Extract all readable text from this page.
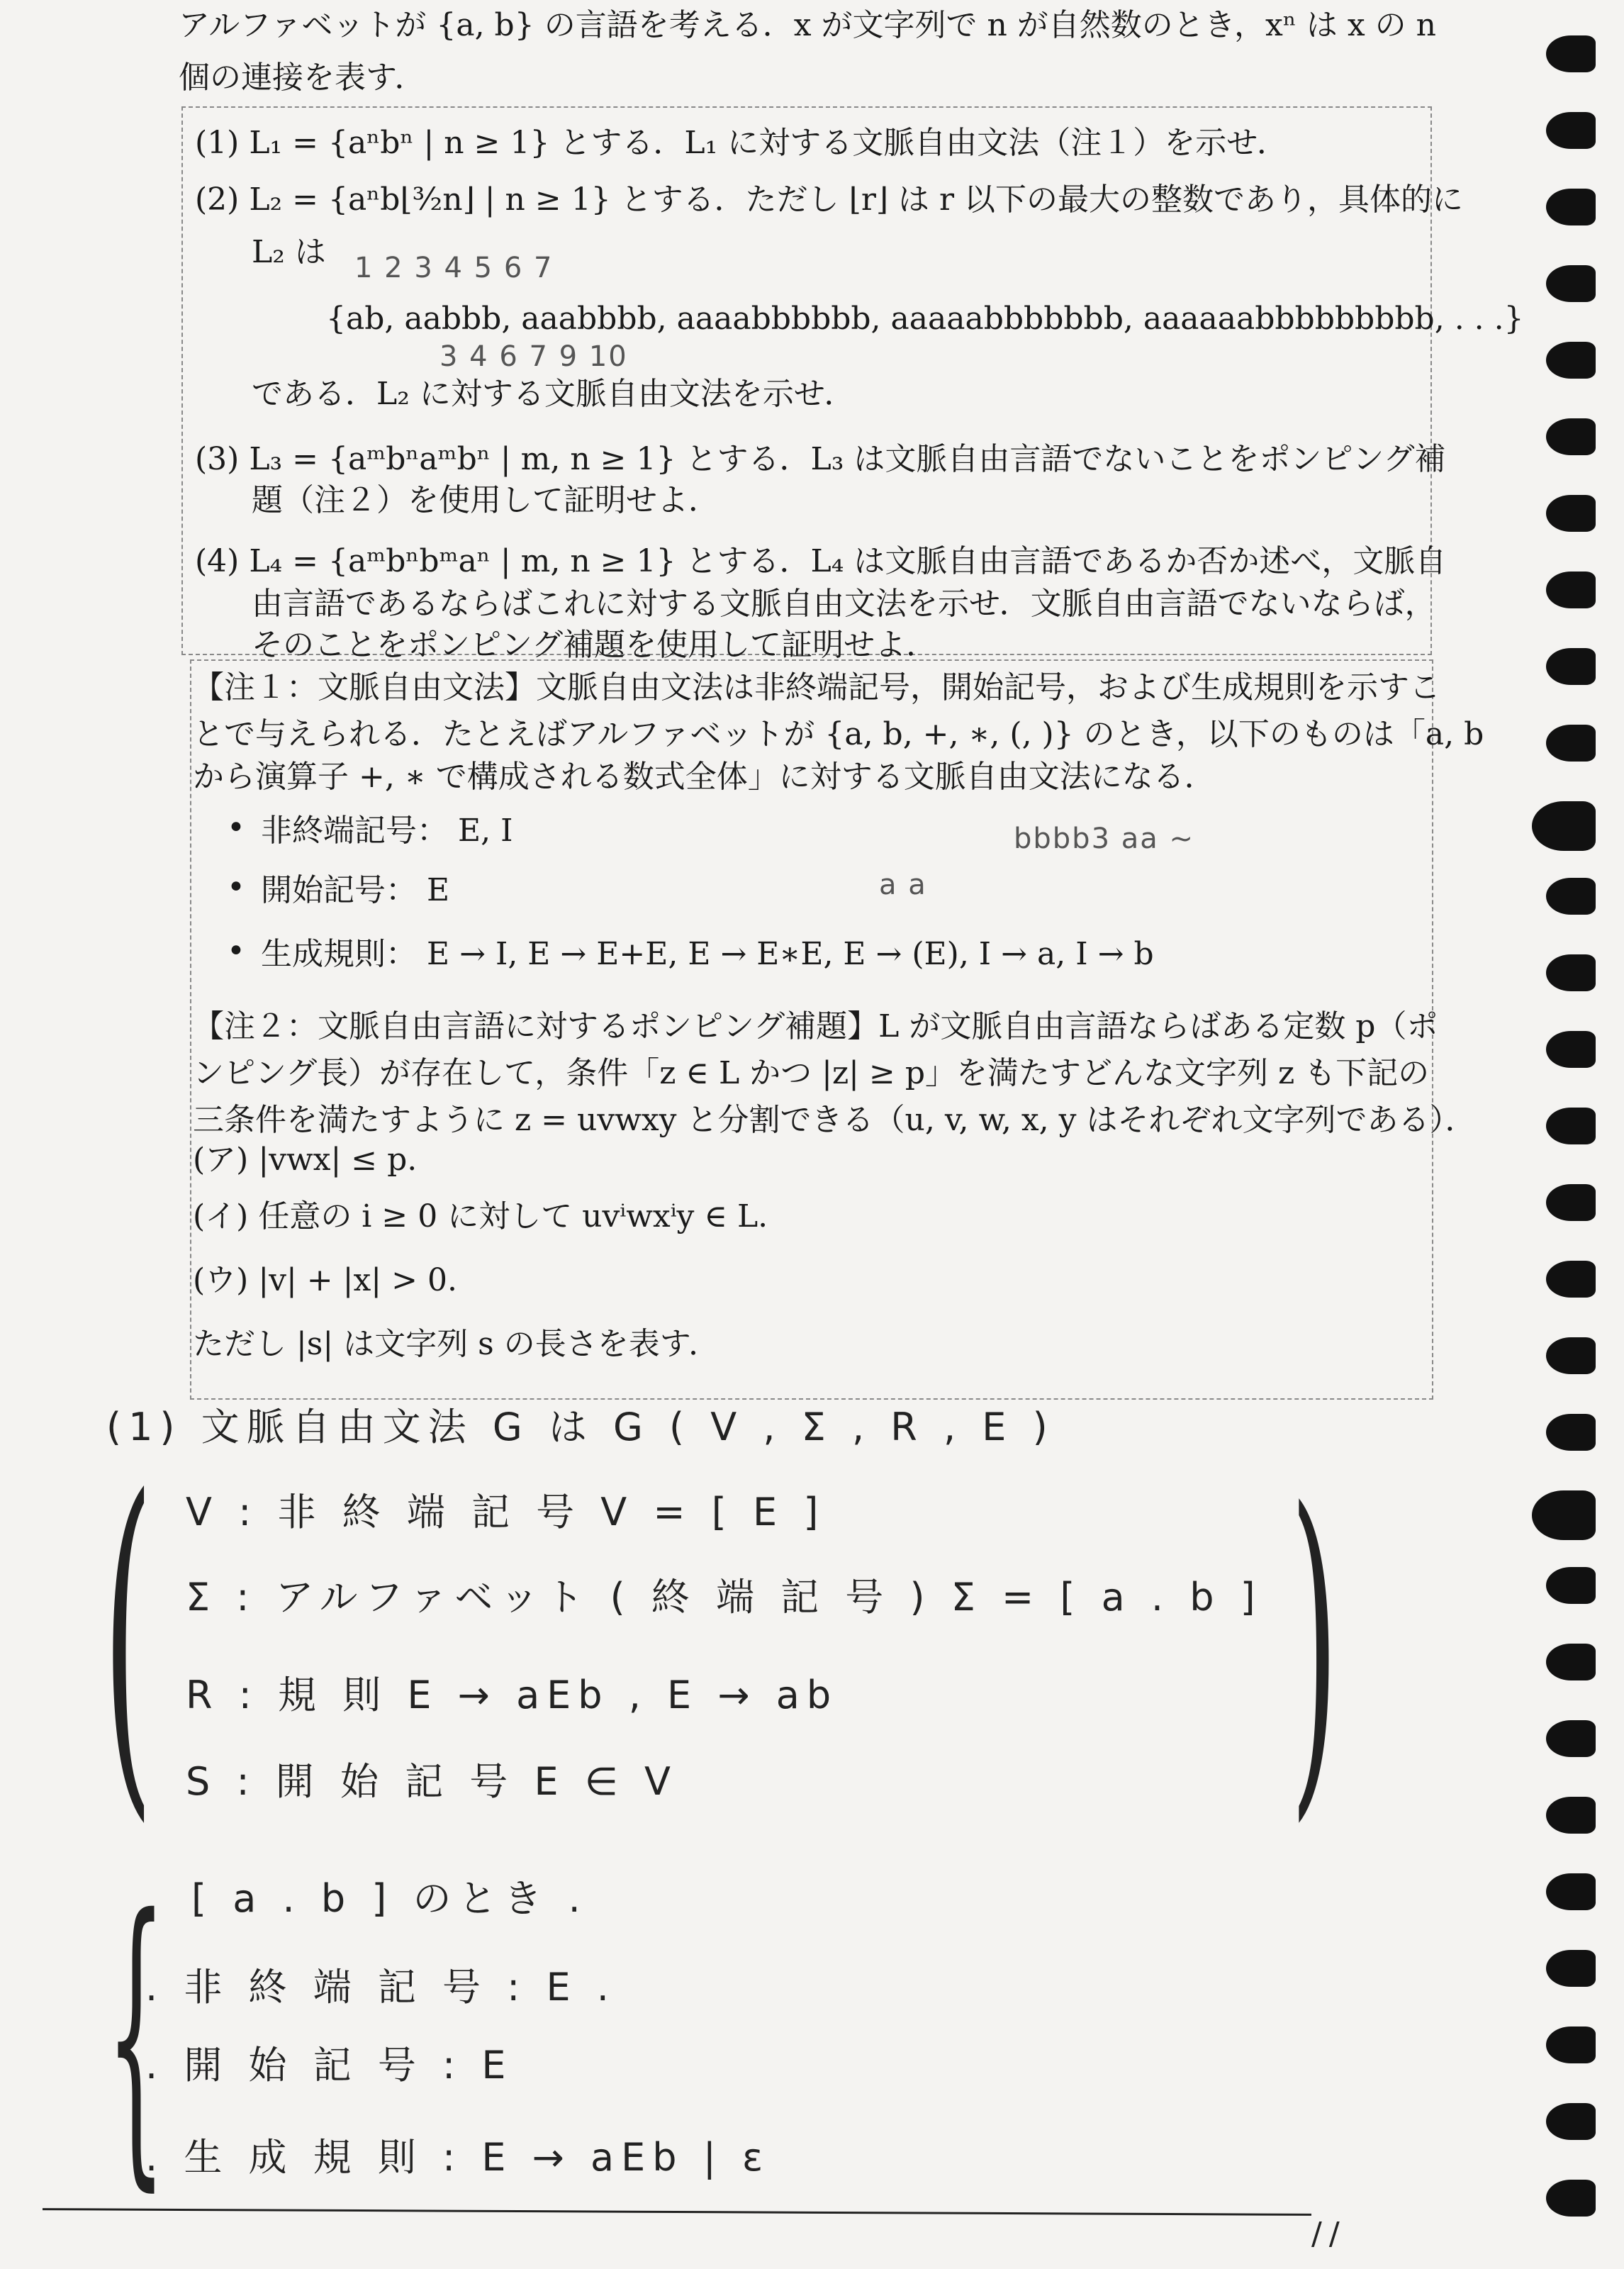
アルファベットが {a, b} の言語を考える．x が文字列で n が自然数のとき，xⁿ は x の n
個の連接を表す．
(1) L₁ = {aⁿbⁿ | n ≥ 1} とする．L₁ に対する文脈自由文法（注１）を示せ．
(2) L₂ = {aⁿb⌊³⁄₂n⌋ | n ≥ 1} とする．ただし ⌊r⌋ は r 以下の最大の整数であり，具体的に
L₂ は 1 2 3 4 5 6 7
{ab, aabbb, aaabbbb, aaaabbbbbb, aaaaabbbbbbb, aaaaaabbbbbbbbb, . . .}
3 4 6 7 9 10
である．L₂ に対する文脈自由文法を示せ．
(3) L₃ = {aᵐbⁿaᵐbⁿ | m, n ≥ 1} とする．L₃ は文脈自由言語でないことをポンピング補
題（注２）を使用して証明せよ．
(4) L₄ = {aᵐbⁿbᵐaⁿ | m, n ≥ 1} とする．L₄ は文脈自由言語であるか否か述べ，文脈自
由言語であるならばこれに対する文脈自由文法を示せ．文脈自由言語でないならば，
そのことをポンピング補題を使用して証明せよ．
【注１：文脈自由文法】文脈自由文法は非終端記号，開始記号，および生成規則を示すこ
とで与えられる．たとえばアルファベットが {a, b, +, ∗, (, )} のとき，以下のものは「a, b
から演算子 +, ∗ で構成される数式全体」に対する文脈自由文法になる．
• 非終端記号： E, I
• 開始記号： E
• 生成規則： E → I, E → E+E, E → E∗E, E → (E), I → a, I → b
bbbb3 aa ~
a a
【注２：文脈自由言語に対するポンピング補題】L が文脈自由言語ならばある定数 p（ポ
ンピング長）が存在して，条件「z ∈ L かつ |z| ≥ p」を満たすどんな文字列 z も下記の
三条件を満たすように z = uvwxy と分割できる（u, v, w, x, y はそれぞれ文字列である）．
(ア) |vwx| ≤ p.
(イ) 任意の i ≥ 0 に対して uvⁱwxⁱy ∈ L.
(ウ) |v| + |x| > 0.
ただし |s| は文字列 s の長さを表す．
(1) 文脈自由文法 G は G ( V , Σ , R , E )
(	)
V : 非 終 端 記 号 V = [ E ]
Σ : アルファベット ( 終 端 記 号 ) Σ = [ a . b ]
R : 規 則 E → aEb , E → ab
S : 開 始 記 号 E ∈ V
{ [ a . b ] のとき .
. 非 終 端 記 号 : E .
. 開 始 記 号 : E
. 生 成 規 則 : E → aEb | ε
//
